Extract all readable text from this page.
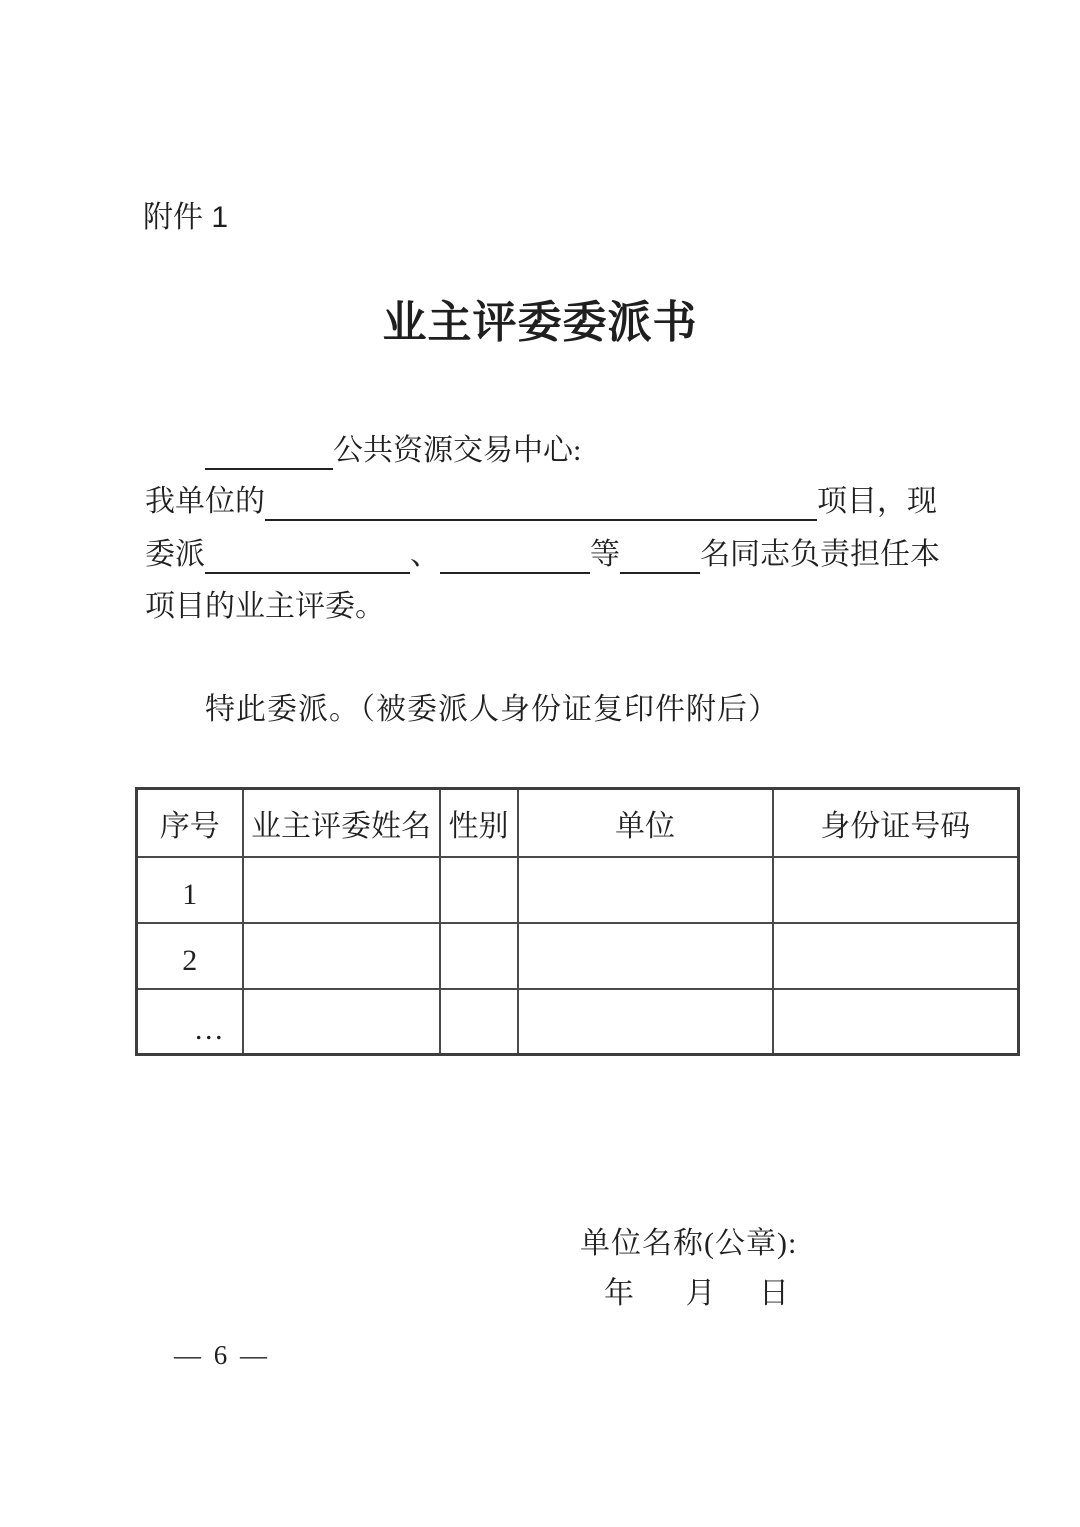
附件 1
业主评委委派书
公共资源交易中心:
我单位的	项目，现
委派	、	等	名同志负责担任本
项目的业主评委。
特此委派。（被委派人身份证复印件附后）
序号	业主评委姓名	性别	单位	身份证号码
1				
2				
…				
单位名称(公章):
年 月 日
— 6 —
